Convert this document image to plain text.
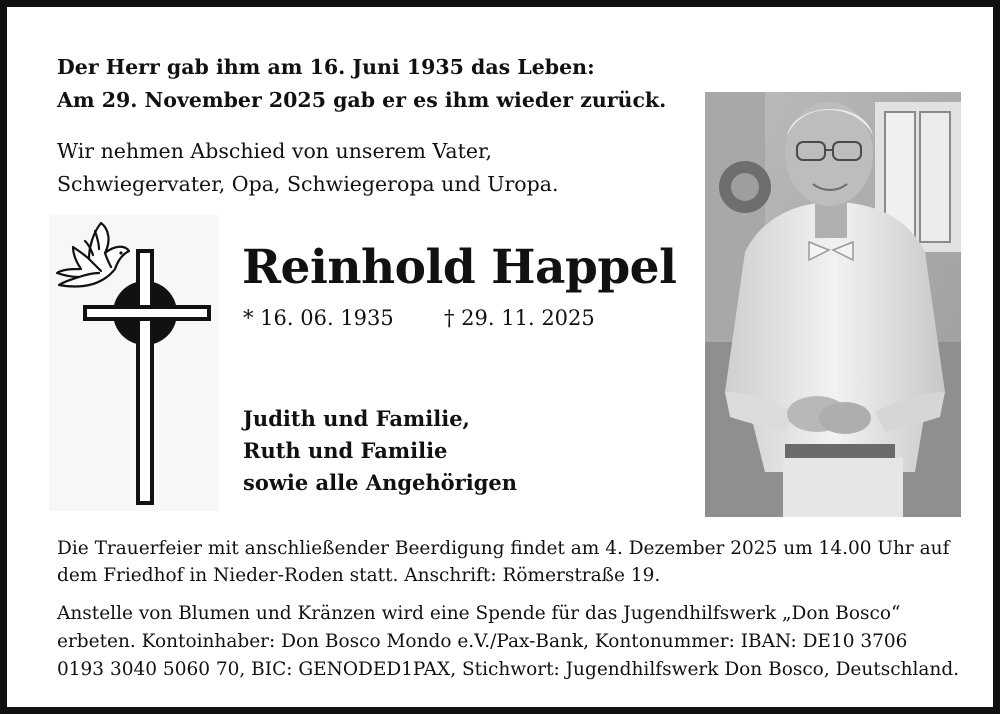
Der Herr gab ihm am 16. Juni 1935 das Leben:
Am 29. November 2025 gab er es ihm wieder zurück.
Wir nehmen Abschied von unserem Vater,
Schwiegervater, Opa, Schwiegeropa und Uropa.
Reinhold Happel
* 16. 06. 1935 † 29. 11. 2025
Judith und Familie,
Ruth und Familie
sowie alle Angehörigen
Die Trauerfeier mit anschließender Beerdigung findet am 4. Dezember 2025 um 14.00 Uhr auf
dem Friedhof in Nieder-Roden statt. Anschrift: Römerstraße 19.
Anstelle von Blumen und Kränzen wird eine Spende für das Jugendhilfswerk „Don Bosco“
erbeten. Kontoinhaber: Don Bosco Mondo e.V./Pax-Bank, Kontonummer: IBAN: DE10 3706
0193 3040 5060 70, BIC: GENODED1PAX, Stichwort: Jugendhilfswerk Don Bosco, Deutschland.
